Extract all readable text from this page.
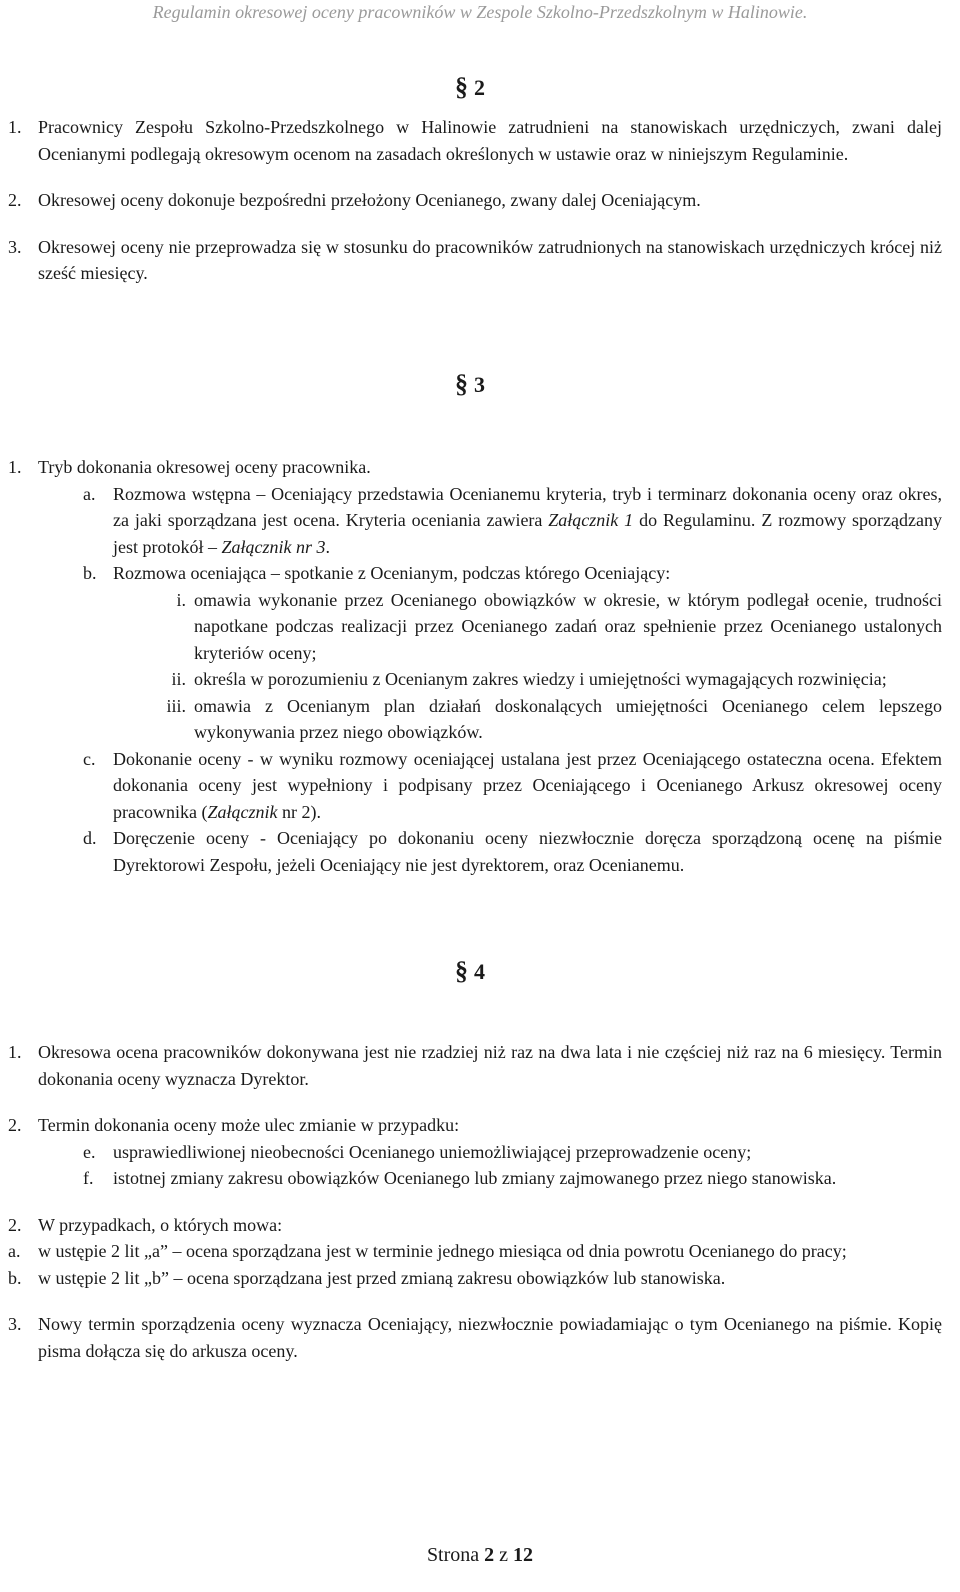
Regulamin okresowej oceny pracowników w Zespole Szkolno-Przedszkolnym w Halinowie.
§ 2
1. Pracownicy Zespołu Szkolno-Przedszkolnego w Halinowie zatrudnieni na stanowiskach urzędniczych, zwani dalej Ocenianymi podlegają okresowym ocenom na zasadach określonych w ustawie oraz w niniejszym Regulaminie.
2. Okresowej oceny dokonuje bezpośredni przełożony Ocenianego, zwany dalej Oceniającym.
3. Okresowej oceny nie przeprowadza się w stosunku do pracowników zatrudnionych na stanowiskach urzędniczych krócej niż sześć miesięcy.
§ 3
1. Tryb dokonania okresowej oceny pracownika.
a. Rozmowa wstępna – Oceniający przedstawia Ocenianemu kryteria, tryb i terminarz dokonania oceny oraz okres, za jaki sporządzana jest ocena. Kryteria oceniania zawiera Załącznik 1 do Regulaminu. Z rozmowy sporządzany jest protokół – Załącznik nr 3.
b. Rozmowa oceniająca – spotkanie z Ocenianym, podczas którego Oceniający:
i. omawia wykonanie przez Ocenianego obowiązków w okresie, w którym podlegał ocenie, trudności napotkane podczas realizacji przez Ocenianego zadań oraz spełnienie przez Ocenianego ustalonych kryteriów oceny;
ii. określa w porozumieniu z Ocenianym zakres wiedzy i umiejętności wymagających rozwinięcia;
iii. omawia z Ocenianym plan działań doskonalących umiejętności Ocenianego celem lepszego wykonywania przez niego obowiązków.
c. Dokonanie oceny - w wyniku rozmowy oceniającej ustalana jest przez Oceniającego ostateczna ocena. Efektem dokonania oceny jest wypełniony i podpisany przez Oceniającego i Ocenianego Arkusz okresowej oceny pracownika (Załącznik nr 2).
d. Doręczenie oceny - Oceniający po dokonaniu oceny niezwłocznie doręcza sporządzoną ocenę na piśmie Dyrektorowi Zespołu, jeżeli Oceniający nie jest dyrektorem, oraz Ocenianemu.
§ 4
1. Okresowa ocena pracowników dokonywana jest nie rzadziej niż raz na dwa lata i nie częściej niż raz na 6 miesięcy. Termin dokonania oceny wyznacza Dyrektor.
2. Termin dokonania oceny może ulec zmianie w przypadku:
e. usprawiedliwionej nieobecności Ocenianego uniemożliwiającej przeprowadzenie oceny;
f.	istotnej zmiany zakresu obowiązków Ocenianego lub zmiany zajmowanego przez niego stanowiska.
2. W przypadkach, o których mowa:
a. w ustępie 2 lit „a” – ocena sporządzana jest w terminie jednego miesiąca od dnia powrotu Ocenianego do pracy;
b. w ustępie 2 lit „b” – ocena sporządzana jest przed zmianą zakresu obowiązków lub stanowiska.
3. Nowy termin sporządzenia oceny wyznacza Oceniający, niezwłocznie powiadamiając o tym Ocenianego na piśmie. Kopię pisma dołącza się do arkusza oceny.
Strona 2 z 12
